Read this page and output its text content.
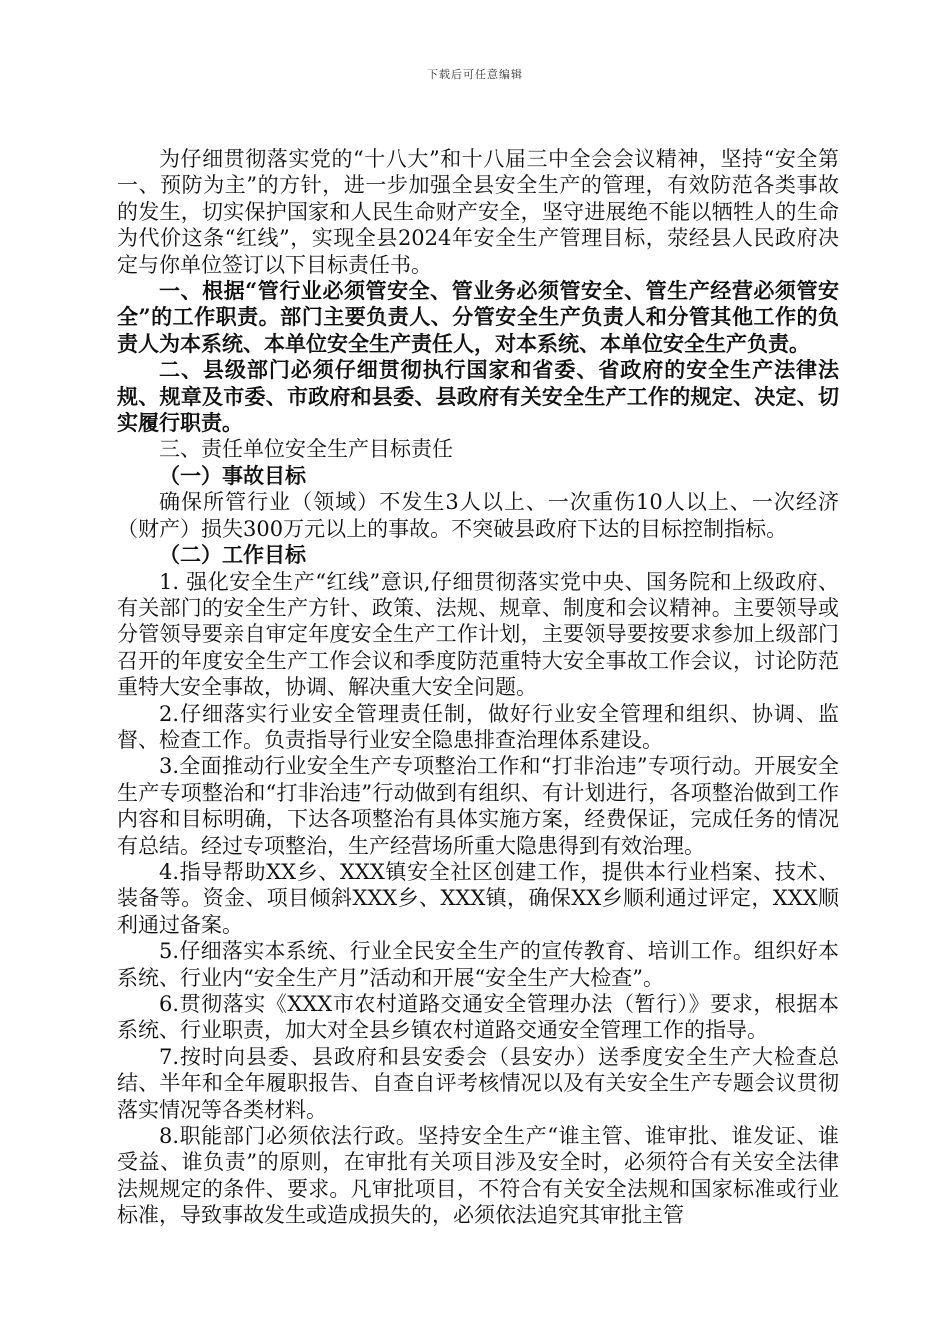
下载后可任意编辑

为仔细贯彻落实党的“十八大”和十八届三中全会会议精神，坚持“安全第一、预防为主”的方针，进一步加强全县安全生产的管理，有效防范各类事故的发生，切实保护国家和人民生命财产安全，坚守进展绝不能以牺牲人的生命为代价这条“红线”，实现全县2024年安全生产管理目标，荥经县人民政府决定与你单位签订以下目标责任书。

一、根据“管行业必须管安全、管业务必须管安全、管生产经营必须管安全”的工作职责。部门主要负责人、分管安全生产负责人和分管其他工作的负责人为本系统、本单位安全生产责任人，对本系统、本单位安全生产负责。

二、县级部门必须仔细贯彻执行国家和省委、省政府的安全生产法律法规、规章及市委、市政府和县委、县政府有关安全生产工作的规定、决定、切实履行职责。

三、责任单位安全生产目标责任

（一）事故目标

确保所管行业（领域）不发生3人以上、一次重伤10人以上、一次经济（财产）损失300万元以上的事故。不突破县政府下达的目标控制指标。

（二）工作目标

1. 强化安全生产“红线”意识,仔细贯彻落实党中央、国务院和上级政府、有关部门的安全生产方针、政策、法规、规章、制度和会议精神。主要领导或分管领导要亲自审定年度安全生产工作计划，主要领导要按要求参加上级部门召开的年度安全生产工作会议和季度防范重特大安全事故工作会议，讨论防范重特大安全事故，协调、解决重大安全问题。

2.仔细落实行业安全管理责任制，做好行业安全管理和组织、协调、监督、检查工作。负责指导行业安全隐患排查治理体系建设。

3.全面推动行业安全生产专项整治工作和“打非治违”专项行动。开展安全生产专项整治和“打非治违”行动做到有组织、有计划进行，各项整治做到工作内容和目标明确，下达各项整治有具体实施方案，经费保证，完成任务的情况有总结。经过专项整治，生产经营场所重大隐患得到有效治理。

4.指导帮助XX乡、XXX镇安全社区创建工作，提供本行业档案、技术、装备等。资金、项目倾斜XXX乡、XXX镇，确保XX乡顺利通过评定，XXX顺利通过备案。

5.仔细落实本系统、行业全民安全生产的宣传教育、培训工作。组织好本系统、行业内“安全生产月”活动和开展“安全生产大检查”。

6.贯彻落实《XXX市农村道路交通安全管理办法（暂行）》要求，根据本系统、行业职责，加大对全县乡镇农村道路交通安全管理工作的指导。

7.按时向县委、县政府和县安委会（县安办）送季度安全生产大检查总结、半年和全年履职报告、自查自评考核情况以及有关安全生产专题会议贯彻落实情况等各类材料。

8.职能部门必须依法行政。坚持安全生产“谁主管、谁审批、谁发证、谁受益、谁负责”的原则，在审批有关项目涉及安全时，必须符合有关安全法律法规规定的条件、要求。凡审批项目，不符合有关安全法规和国家标准或行业标准，导致事故发生或造成损失的，必须依法追究其审批主管
